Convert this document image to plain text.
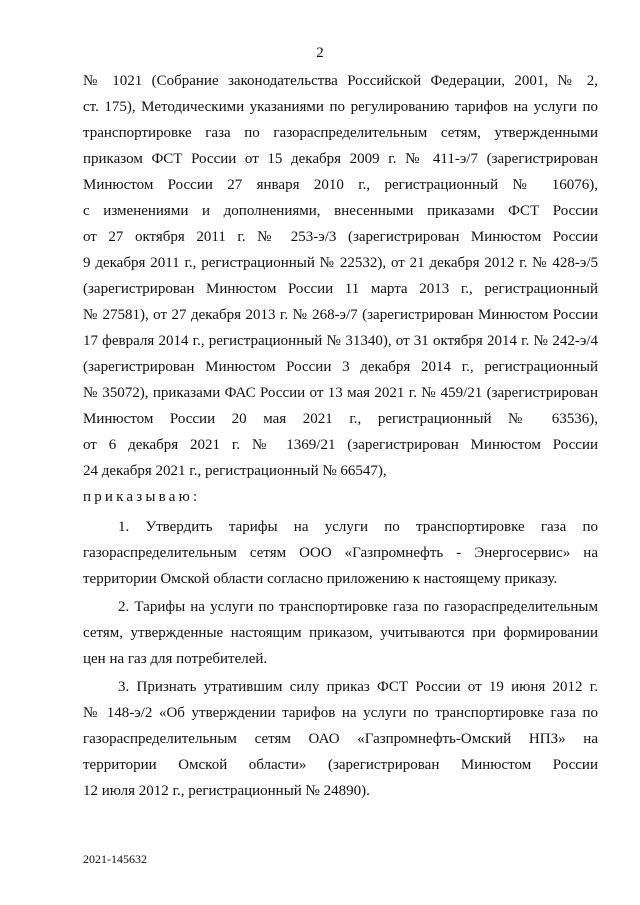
2
№ 1021 (Собрание законодательства Российской Федерации, 2001, № 2,
ст. 175), Методическими указаниями по регулированию тарифов на услуги по
транспортировке газа по газораспределительным сетям, утвержденными
приказом ФСТ России от 15 декабря 2009 г. № 411-э/7 (зарегистрирован
Минюстом России 27 января 2010 г., регистрационный № 16076),
с изменениями и дополнениями, внесенными приказами ФСТ России
от 27 октября 2011 г. № 253-э/3 (зарегистрирован Минюстом России
9 декабря 2011 г., регистрационный № 22532), от 21 декабря 2012 г. № 428-э/5
(зарегистрирован Минюстом России 11 марта 2013 г., регистрационный
№ 27581), от 27 декабря 2013 г. № 268-э/7 (зарегистрирован Минюстом России
17 февраля 2014 г., регистрационный № 31340), от 31 октября 2014 г. № 242-э/4
(зарегистрирован Минюстом России 3 декабря 2014 г., регистрационный
№ 35072), приказами ФАС России от 13 мая 2021 г. № 459/21 (зарегистрирован
Минюстом России 20 мая 2021 г., регистрационный № 63536),
от 6 декабря 2021 г. № 1369/21 (зарегистрирован Минюстом России
24 декабря 2021 г., регистрационный № 66547),
приказываю:
1. Утвердить тарифы на услуги по транспортировке газа по
газораспределительным сетям ООО «Газпромнефть - Энергосервис» на
территории Омской области согласно приложению к настоящему приказу.
2. Тарифы на услуги по транспортировке газа по газораспределительным
сетям, утвержденные настоящим приказом, учитываются при формировании
цен на газ для потребителей.
3. Признать утратившим силу приказ ФСТ России от 19 июня 2012 г.
№ 148-э/2 «Об утверждении тарифов на услуги по транспортировке газа по
газораспределительным сетям ОАО «Газпромнефть-Омский НПЗ» на
территории Омской области» (зарегистрирован Минюстом России
12 июля 2012 г., регистрационный № 24890).
2021-145632
